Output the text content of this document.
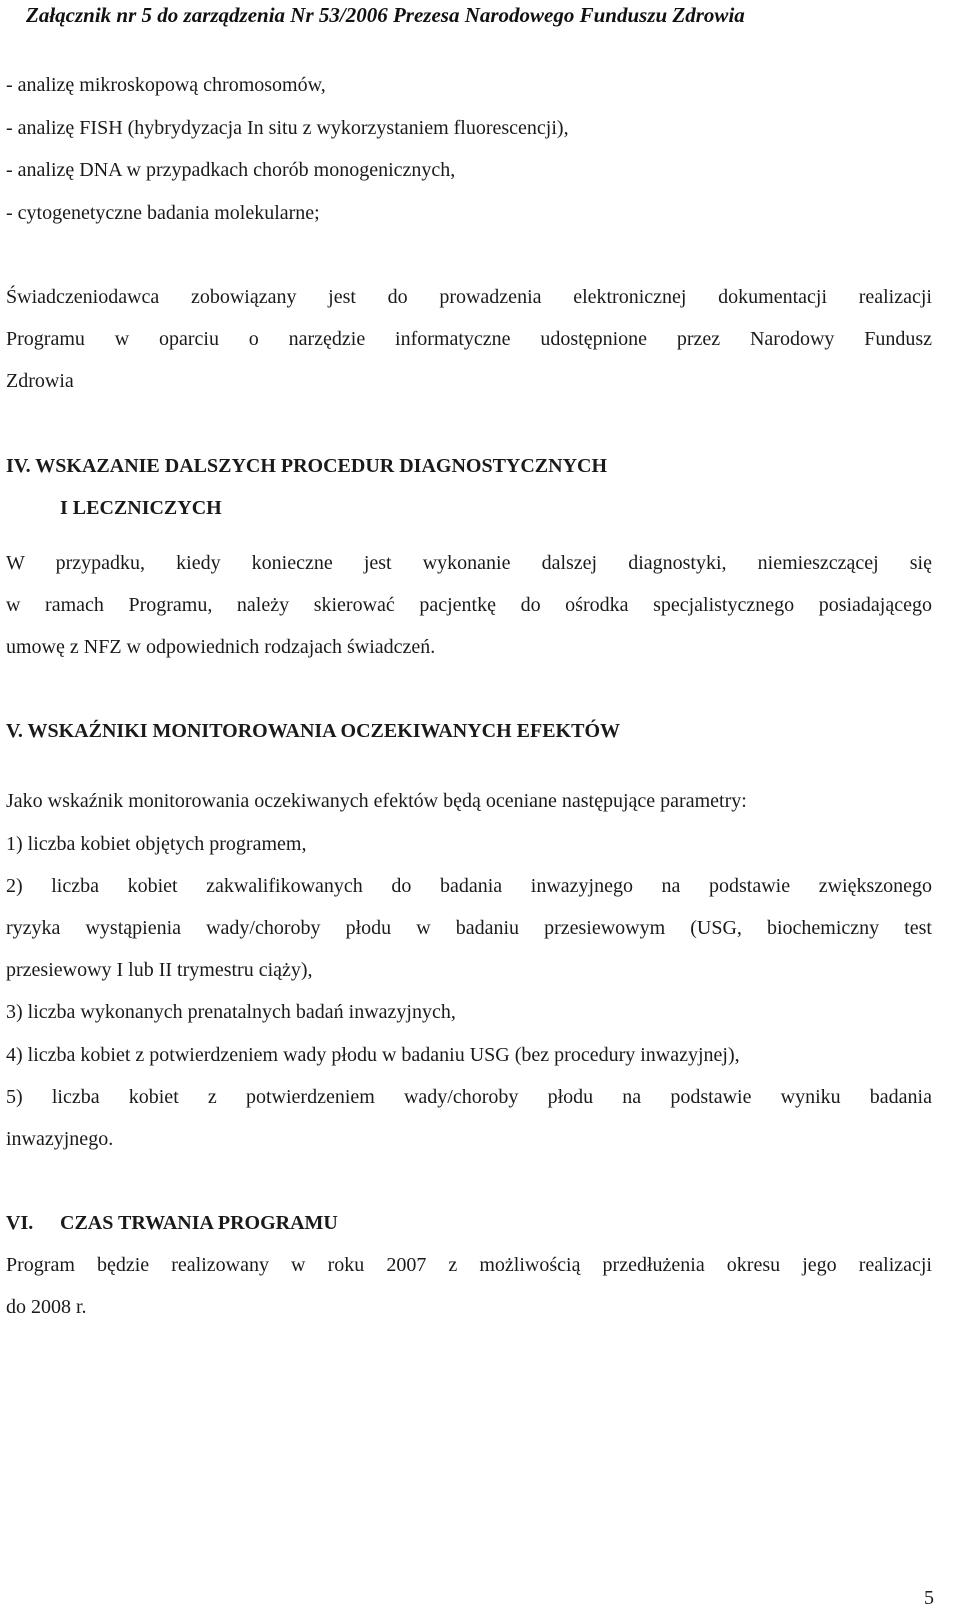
Załącznik nr 5 do zarządzenia Nr 53/2006 Prezesa Narodowego Funduszu Zdrowia

- analizę mikroskopową chromosomów,

- analizę FISH (hybrydyzacja In situ z wykorzystaniem fluorescencji),

- analizę DNA w przypadkach chorób monogenicznych,

- cytogenetyczne badania molekularne;

Świadczeniodawca zobowiązany jest do prowadzenia elektronicznej dokumentacji realizacji

Programu w oparciu o narzędzie informatyczne udostępnione przez Narodowy Fundusz

Zdrowia

IV. WSKAZANIE DALSZYCH PROCEDUR DIAGNOSTYCZNYCH

I LECZNICZYCH

W przypadku, kiedy konieczne jest wykonanie dalszej diagnostyki, niemieszczącej się

w ramach Programu, należy skierować pacjentkę do ośrodka specjalistycznego posiadającego

umowę z NFZ w odpowiednich rodzajach świadczeń.

V. WSKAŹNIKI MONITOROWANIA OCZEKIWANYCH EFEKTÓW

Jako wskaźnik monitorowania oczekiwanych efektów będą oceniane następujące parametry:

1) liczba kobiet objętych programem,

2) liczba kobiet zakwalifikowanych do badania inwazyjnego na podstawie zwiększonego

ryzyka wystąpienia wady/choroby płodu w badaniu przesiewowym (USG, biochemiczny test

przesiewowy I lub II trymestru ciąży),

3) liczba wykonanych prenatalnych badań inwazyjnych,

4) liczba kobiet z potwierdzeniem wady płodu w badaniu USG (bez procedury inwazyjnej),

5) liczba kobiet z potwierdzeniem wady/choroby płodu na podstawie wyniku badania

inwazyjnego.

VI. CZAS TRWANIA PROGRAMU

Program będzie realizowany w roku 2007 z możliwością przedłużenia okresu jego realizacji

do 2008 r.

5
